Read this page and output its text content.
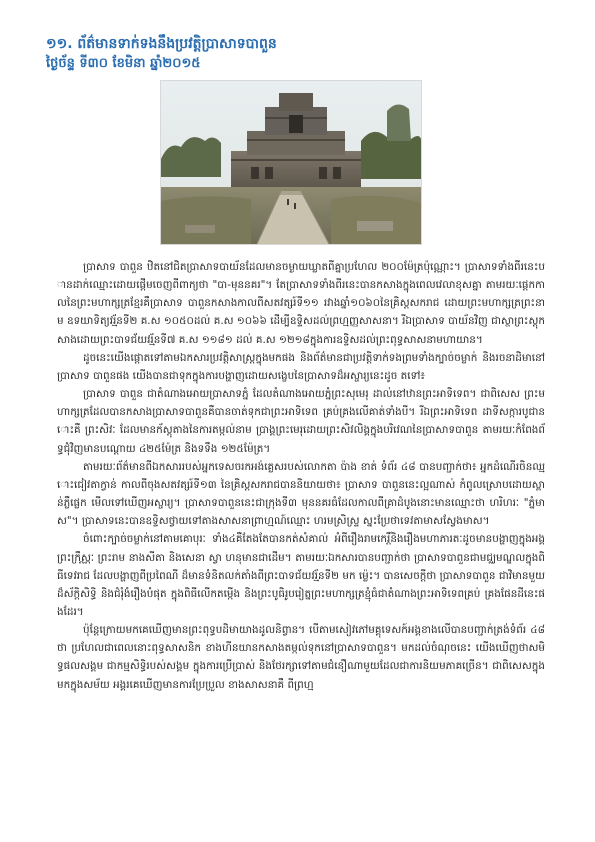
១១. ព័ត៌មានទាក់ទងនឹងប្រវត្តិប្រាសាទបាពួន
ថ្ងៃច័ន្ទ ទី៣០ ខែមិនា ឆ្នាំ២០១៥

ប្រាសាទ បាពួន ឋិតនៅជិតប្រាសាទបាយ័នដែលមានចម្ងាយឃ្លាតពីគ្នាប្រហែល ២០០ម៉ែត្រប៉ុណ្ណោះ។ ប្រាសាទទាំងពីរនេះបានដាក់ឈ្មោះដោយផ្តើមចេញពីពាក្យថា "បា-មុននគរ"។ តែប្រាសាទទាំងពីរនេះបានកសាងក្នុងពេលវេលាខុសគ្នា តាមរយៈផ្ដេកកាលនៃព្រះមហាក្សត្រខ្មែរគឺប្រាសាទ បាពួនកសាងកាលពីសតវត្សរ៍ទី១១ រវាងឆ្នាំ១០៦០នៃគ្រិស្តសករាជ ដោយព្រះមហាក្សត្រព្រះនាម ឧទយាទិត្យវរ្ម័នទី២ គ.ស ១០៥០ដល់ គ.ស ១០៦៦ ដើម្បីឧទ្ទិសដល់ព្រហ្មញ្ញសាសនា។ រីឯប្រាសាទ បាយ័នវិញ ជាស្ថាព្រះស្ដុកសាងដោយព្រះបាទជ័យវរ្ម័នទី៧ គ.ស ១១៨១ ដល់ គ.ស ១២១៨ក្នុងការឧទ្ទិសដល់ព្រះពុទ្ធសាសនាមហាយាន។

ដូចនេះយើងផ្ដោតទៅតាមឯកសារប្រវត្តិសាស្ត្រក្នុងមកផង និងព័ត៌មានជាប្រវត្តិទាក់ទងព្រមទាំងក្បាច់ចម្លាក់ និងរចនាដិមានៅប្រាសាទ បាពួនផង យើងបានជាទុកក្នុងការបង្ហាញដោយសង្ខេបនៃប្រាសាទដ៏អស្ចារ្យនេះដូច តទៅ៖

ប្រាសាទ បាពួន ជាតំណាងអោយប្រាសាទភ្នំ ដែលតំណាងអោយភ្នំព្រះសុមេរុ ដាល់នៅឋានព្រះអាទិទេព។ ជាពិសេស ព្រះមហាក្សត្រដែលបានកសាងប្រាសាទបាពួនគឺបានចាត់ទុកជាព្រះអាទិទេព គ្រប់គ្រងលើគាត់ទាំងបី។ រីឯព្រះអាទិទេព ដាទីសក្ការបូជានោះគឺ ព្រះសិវៈ ដែលមានក័ស្តុតាងនៃការតម្កល់នាម ប្រាង្គព្រះមេរុដោយព្រះសិវលិង្គក្នុងបរិវេណនៃប្រាសាទបាពួន តាមរយៈកំពែងព័ទ្ធជុំវិញមានបណ្ដោយ ៤២៥ម៉ែត្រ និងទទឹង ១២៥ម៉ែត្រ។

តាមរយៈព័ត៌មានពីឯកសាររបស់អ្នកទេសចរកអង់គ្លេសរបស់លោកតា ប៉ាង ខាត់ ទំព័រ ៤៨ បានបញ្ជាក់ថា៖ អ្នកដំណើរចិនឈ្មោះជៀវតាក្វាន់ កាលពីចុងសតវត្សរ៍ទី១៣ នៃគ្រិស្តសករាជបាននិយាយថា៖ ប្រាសាទ បាពួននេះល្អណាស់ កំពូលស្រោបដោយស្ពាន់ភ្លឺផ្លេក មើលទៅឃើញអស្ចារ្យ។ ប្រាសាទបាពួននេះជាក្រុងទី៣ មុននគរធំដែលកាលពីគ្រាដំបូងនោះមានឈ្មោះថា ហរិហរៈ "ភ្នំមាស"។ ប្រាសាទនេះបានឧទ្ទិសថ្វាយទៅតាងសាសនាព្រាហ្មណ៍ឈ្មោះ ហរមស្រិស្ទ្រ ស្នះប្រែថាទេវតាមាសស្វែងមាស។

ចំពោះក្បាច់ចម្លាក់នៅតាមគោបុរៈ ទាំង៤គឺតែងតែបានកត់សំគាល់ អំពីរឿងរាមកេរ្តិ៍និងរឿងមហាភារតៈដូចមានបង្ហាញក្នុងអង្គព្រះក្រឹស្ណៈ ព្រះរាម នាងសីតា និងសេនា ស្វា ហនុមានជាដើម។ តាមរយៈឯកសារបានបញ្ជាក់ថា ប្រាសាទបាពួនជាមជ្ឈមណ្ឌលក្នុងពិធីទេវរាជ ដែលបង្ហាញពីប្រពៃណី ដ៏មានទំនិតលក់តាំងពីព្រះបាទជ័យវរ្ម័នទី២ មក ម្ល៉េះ។ បានសេចក្ដីថា ប្រាសាទបាពួន ជាវិមានមួយដ៏ស័ក្តិសិទ្ធិ និងជំរុំងំរឿងបំផុត ក្នុងពិធីលើកតម្កើង និងព្រះបូធិរូបរៀត្នព្រះមហាក្សត្រខ្មុំធំជាតំណាងព្រះអាទិទេពគ្រប់ គ្រងផែនដីនេះផងដែរ។

ប៉ុន្តែក្រោយមកគេឃើញមានព្រះពុទ្ធបដិមាយាងដូលនិព្វាន។ បើតាមសៀវភៅមគ្គុទេសក៍អង្គខាងលើបានបញ្ជាក់ត្រង់ទំព័រ ៤៨ថា ប្រហែលជាពេលនោះពុទ្ធសាសនិក ខាងហីនយានកសាងតម្កល់ទុកនៅប្រាសាទបាពួន។ មកដល់ចំណុចនេះ យើងឃើញថាសមិទ្ធផលសង្គម ជាកម្មសិទ្ធិរបស់សង្គម ក្នុងការប្រើប្រាស់ និងថែរក្សាទៅតាមជំនឿណាមួយដែលជាការនិយមភាគច្រើន។ ជាពិសេសក្នុងមកក្នុងសម័យ អង្គរគេឃើញមានការប្រែប្រួល ខាងសាសនាគឺ ពីព្រហ្ម
